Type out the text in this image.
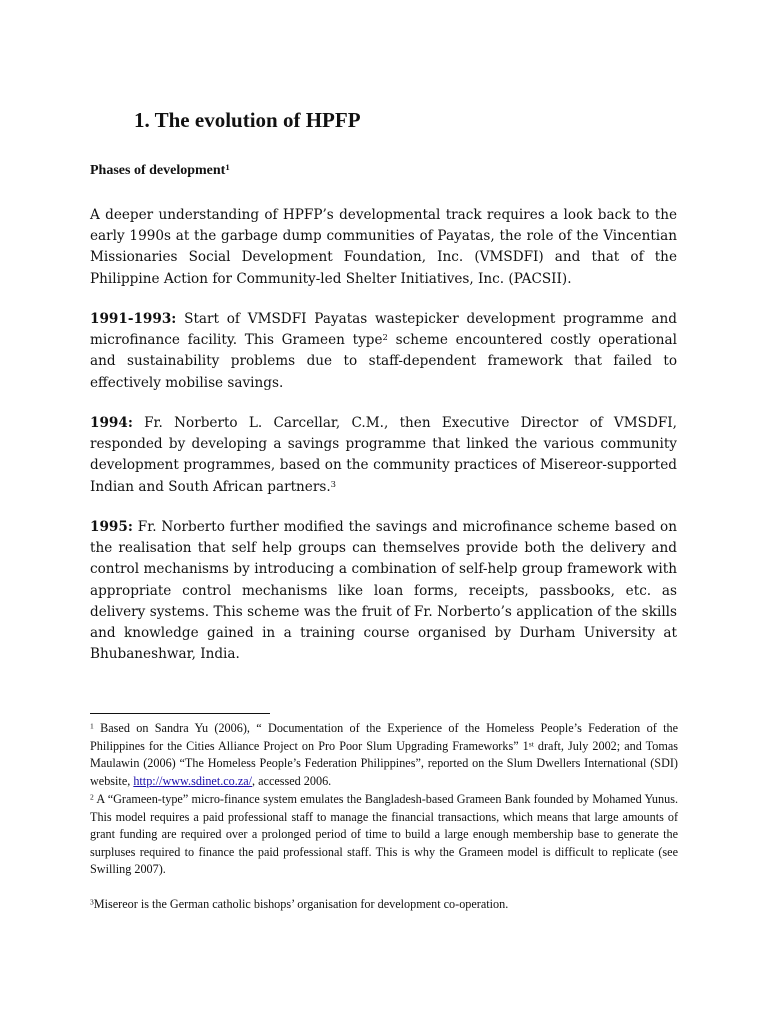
1. The evolution of HPFP

Phases of development$^1$

A deeper understanding of HPFP’s developmental track requires a look back to the early 1990s at the garbage dump communities of Payatas, the role of the Vincentian Missionaries Social Development Foundation, Inc. (VMSDFI) and that of the Philippine Action for Community-led Shelter Initiatives, Inc. (PACSII).

1991-1993: Start of VMSDFI Payatas wastepicker development programme and microfinance facility. This Grameen type$^2$ scheme encountered costly operational and sustainability problems due to staff-dependent framework that failed to effectively mobilise savings.

1994: Fr. Norberto L. Carcellar, C.M., then Executive Director of VMSDFI, responded by developing a savings programme that linked the various community development programmes, based on the community practices of Misereor-supported Indian and South African partners.$^3$

1995: Fr. Norberto further modified the savings and microfinance scheme based on the realisation that self help groups can themselves provide both the delivery and control mechanisms by introducing a combination of self-help group framework with appropriate control mechanisms like loan forms, receipts, passbooks, etc. as delivery systems. This scheme was the fruit of Fr. Norberto’s application of the skills and knowledge gained in a training course organised by Durham University at Bhubaneshwar, India.

$^1$ Based on Sandra Yu (2006), “ Documentation of the Experience of the Homeless People’s Federation of the Philippines for the Cities Alliance Project on Pro Poor Slum Upgrading Frameworks” 1st draft, July 2002; and Tomas Maulawin (2006) “The Homeless People’s Federation Philippines”, reported on the Slum Dwellers International (SDI) website, http://www.sdinet.co.za/, accessed 2006.

$^2$ A “Grameen-type” micro-finance system emulates the Bangladesh-based Grameen Bank founded by Mohamed Yunus. This model requires a paid professional staff to manage the financial transactions, which means that large amounts of grant funding are required over a prolonged period of time to build a large enough membership base to generate the surpluses required to finance the paid professional staff. This is why the Grameen model is difficult to replicate (see Swilling 2007).

$^3$Misereor is the German catholic bishops’ organisation for development co-operation.
